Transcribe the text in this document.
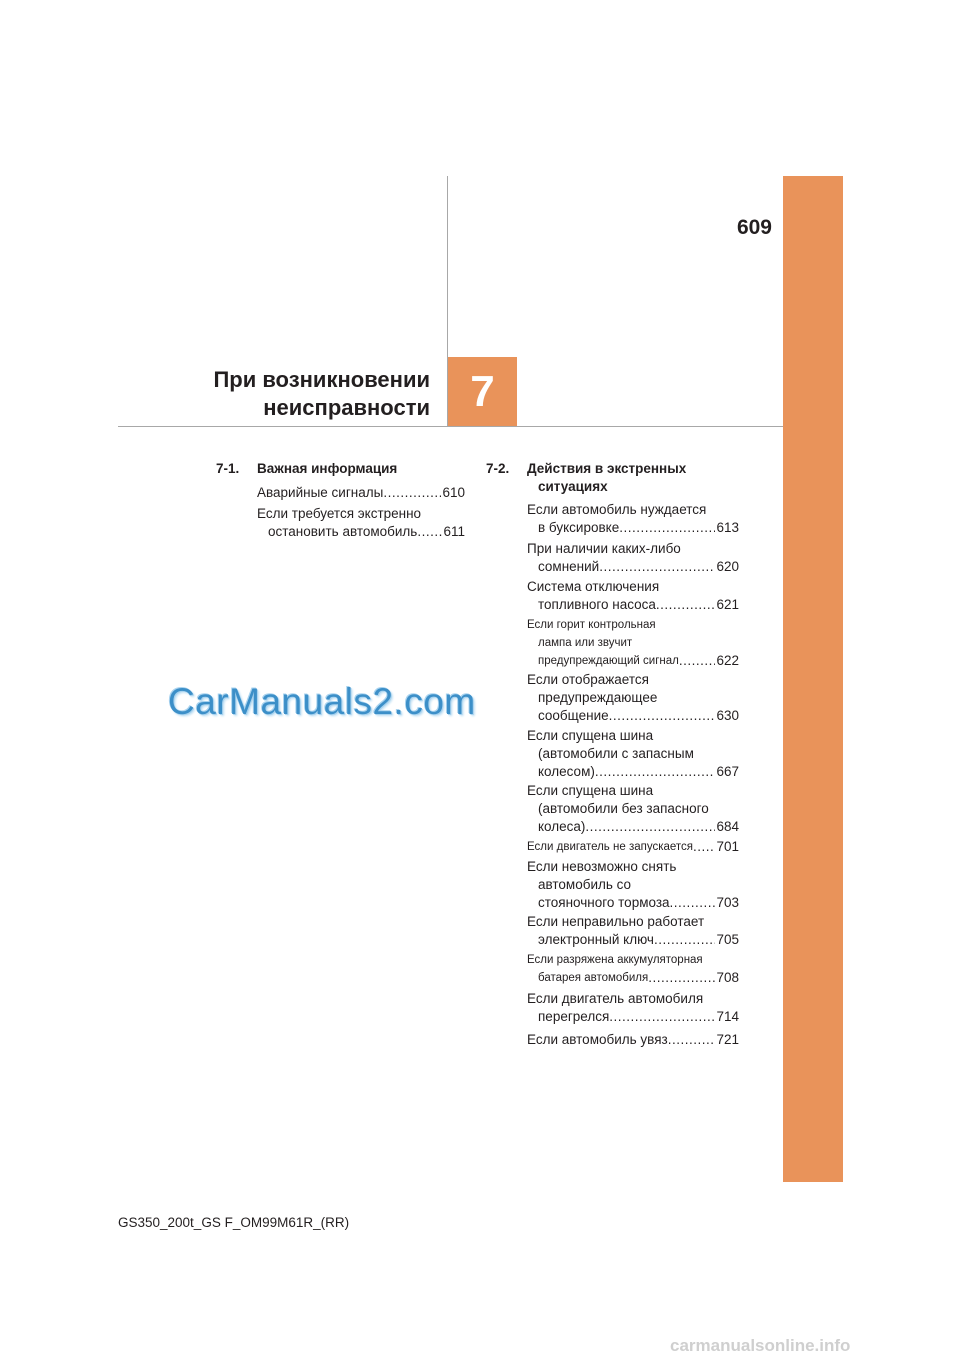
609
При возникновении
неисправности 7
7-1. Важная информация
Аварийные сигналы .....	610
Если требуется экстренно
остановить автомобиль ..... 611
7-2. Действия в экстренных
ситуациях
Если автомобиль нуждается
в буксировке .....	613
При наличии каких-либо
сомнений .....	620
Система отключения
топливного насоса .....	621
Если горит контрольная
лампа или звучит
предупреждающий сигнал .....	622
Если отображается
предупреждающее
сообщение .....	630
Если спущена шина
(автомобили с запасным
колесом) .....	667
Если спущена шина
(автомобили без запасного
колеса) .....	684
Если двигатель не запускается ..... 701
Если невозможно снять
автомобиль со
стояночного тормоза .....	703
Если неправильно работает
электронный ключ .....	705
Если разряжена аккумуляторная
батарея автомобиля .....	708
Если двигатель автомобиля
перегрелся .....	714
Если автомобиль увяз .....	721
CarManuals2.com
GS350_200t_GS F_OM99M61R_(RR)
carmanualsonline.info
